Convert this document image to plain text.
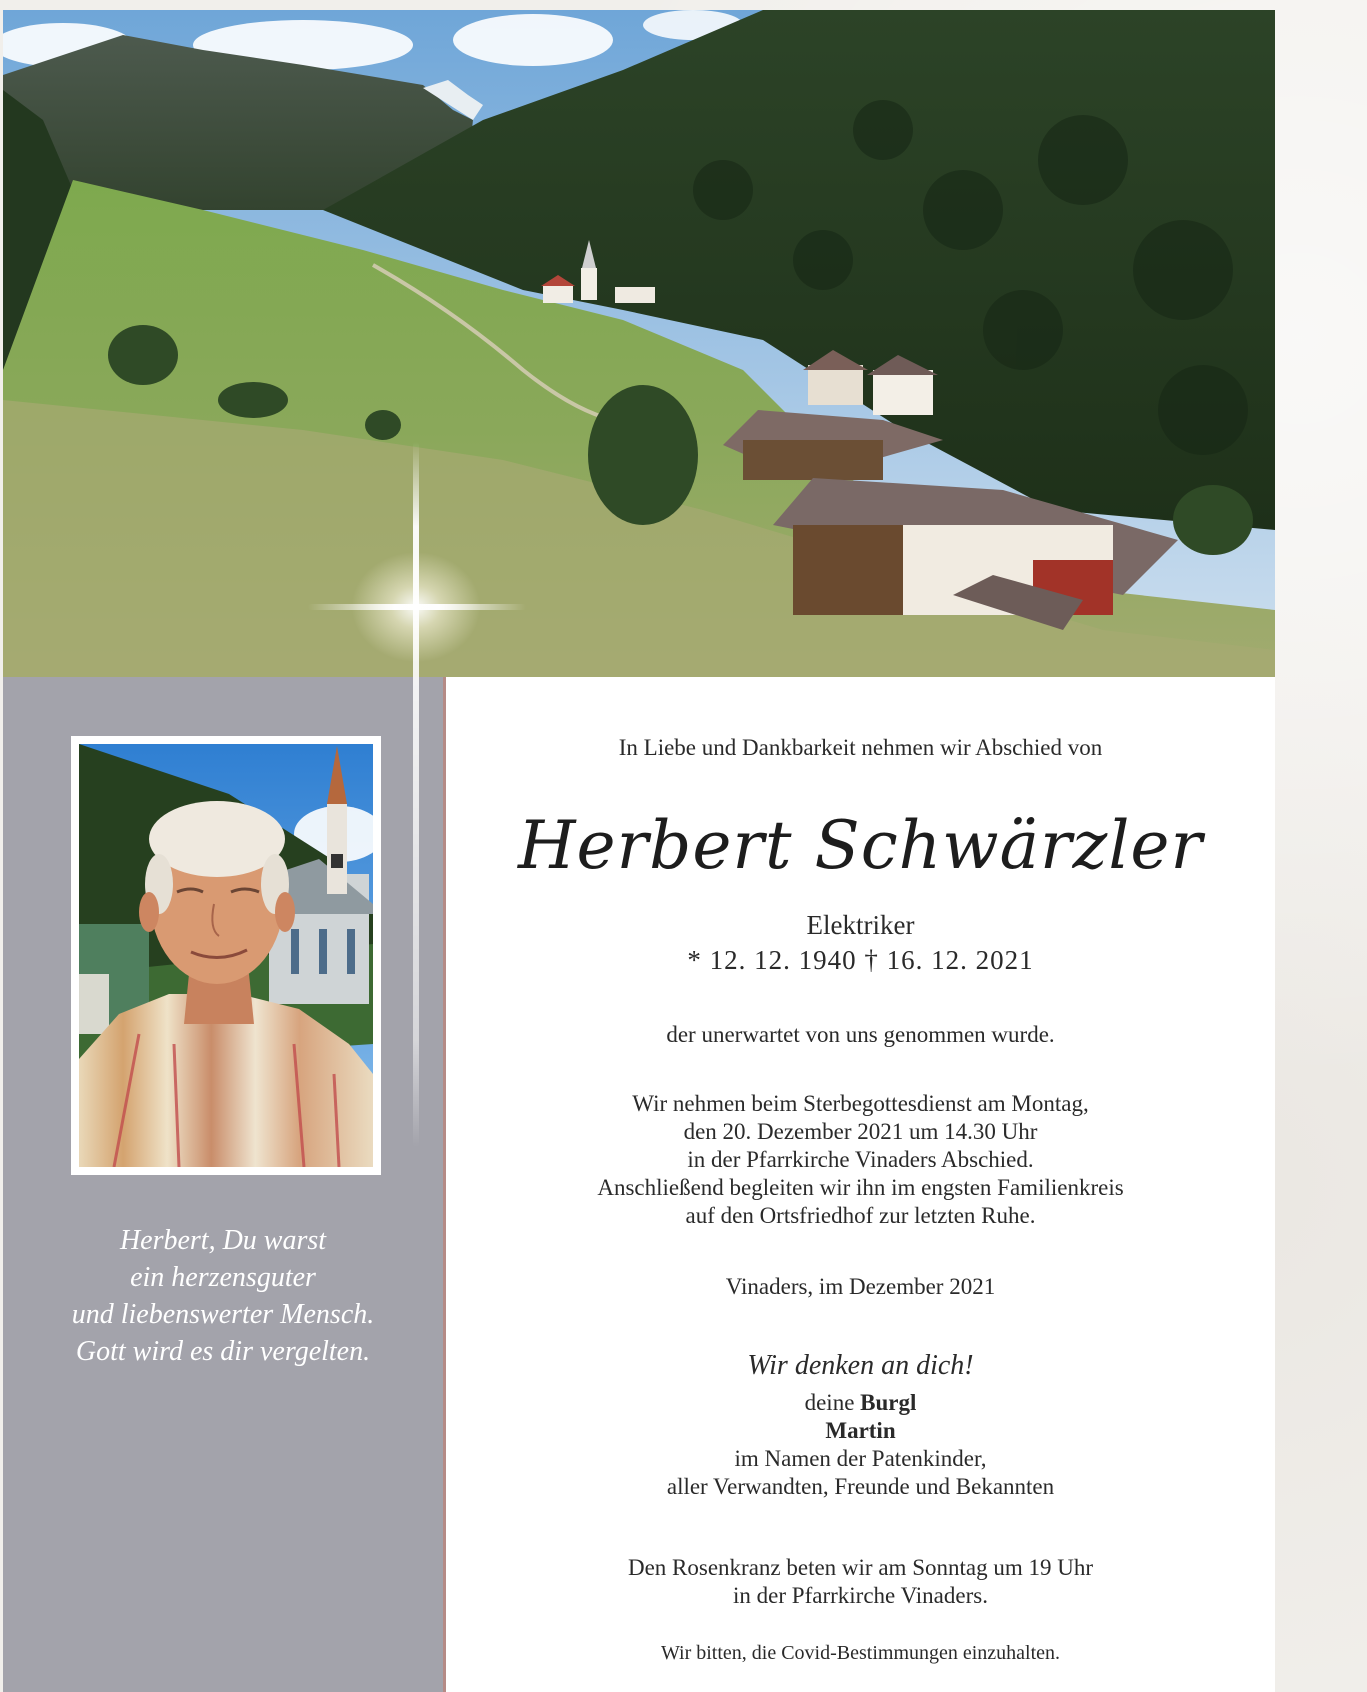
Herbert, Du warst
ein herzensguter
und liebenswerter Mensch.
Gott wird es dir vergelten.
In Liebe und Dankbarkeit nehmen wir Abschied von
Herbert Schwärzler
Elektriker
* 12. 12. 1940 † 16. 12. 2021
der unerwartet von uns genommen wurde.
Wir nehmen beim Sterbegottesdienst am Montag,
den 20. Dezember 2021 um 14.30 Uhr
in der Pfarrkirche Vinaders Abschied.
Anschließend begleiten wir ihn im engsten Familienkreis
auf den Ortsfriedhof zur letzten Ruhe.
Vinaders, im Dezember 2021
Wir denken an dich!
deine Burgl
Martin
im Namen der Patenkinder,
aller Verwandten, Freunde und Bekannten
Den Rosenkranz beten wir am Sonntag um 19 Uhr
in der Pfarrkirche Vinaders.
Wir bitten, die Covid-Bestimmungen einzuhalten.
